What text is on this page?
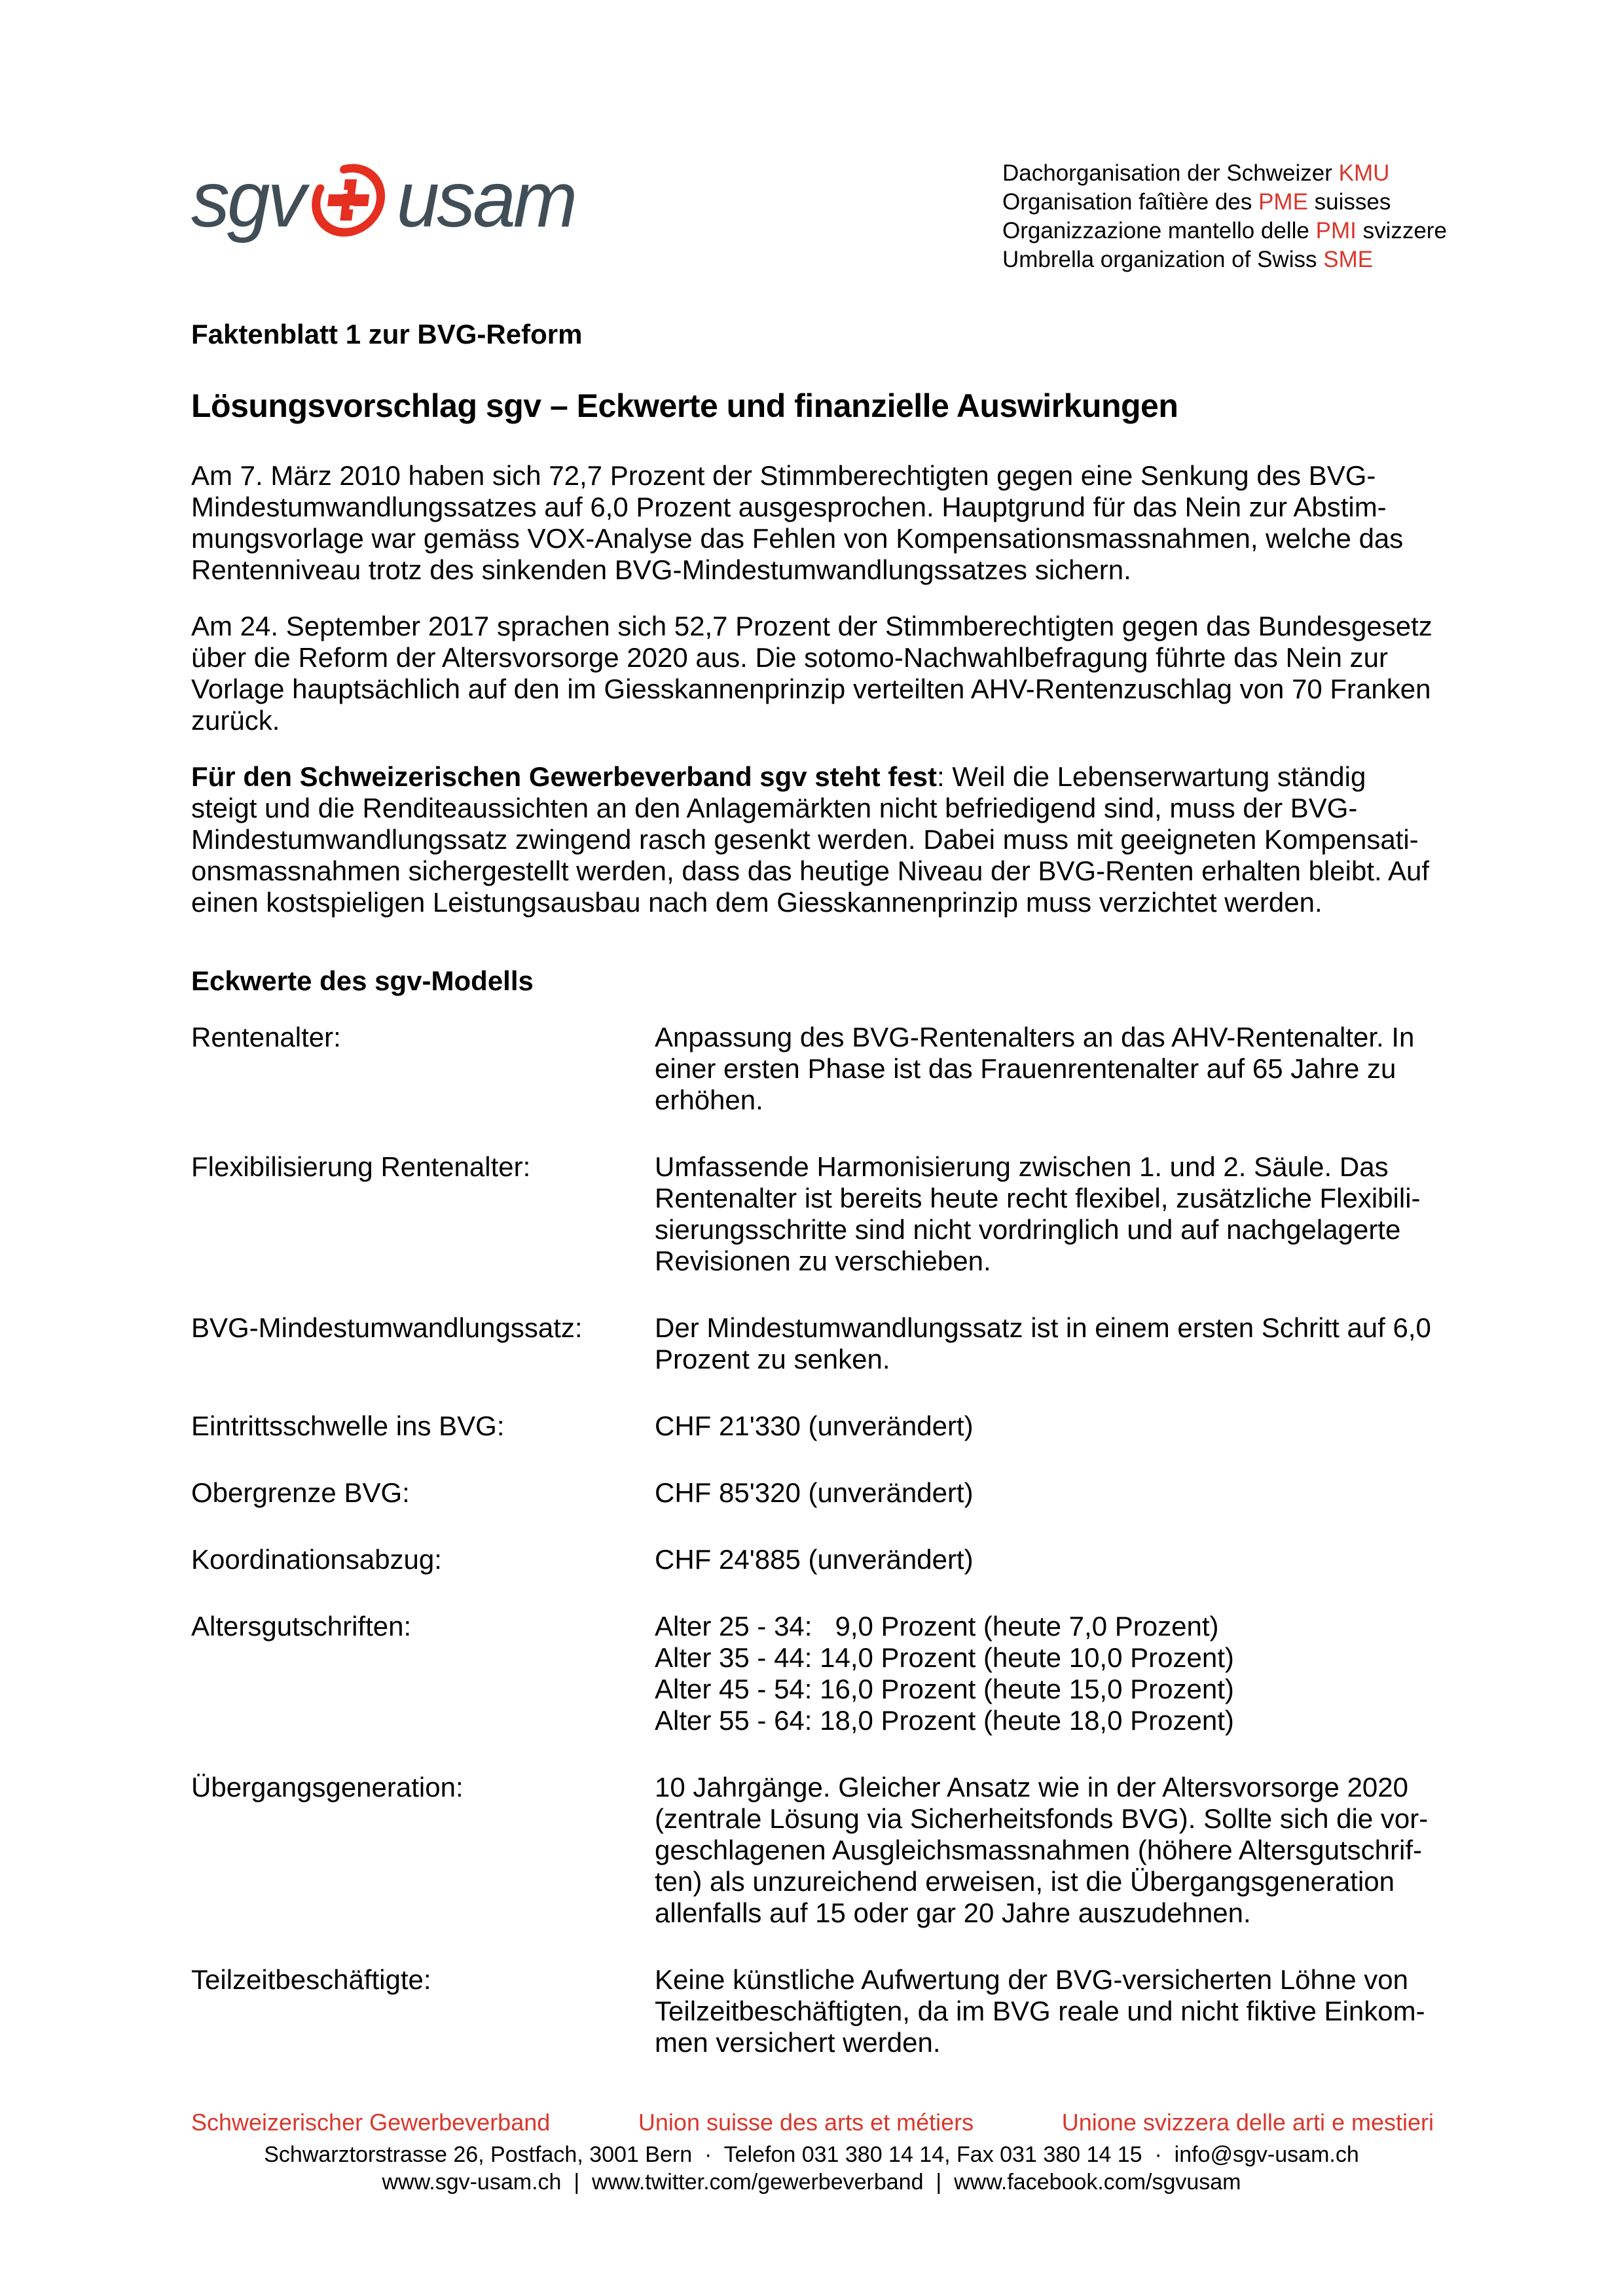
sgv usam	Dachorganisation der Schweizer KMU
Organisation faîtière des PME suisses
Organizzazione mantello delle PMI svizzere
Umbrella organization of Swiss SME
Faktenblatt 1 zur BVG-Reform
Lösungsvorschlag sgv – Eckwerte und finanzielle Auswirkungen
Am 7. März 2010 haben sich 72,7 Prozent der Stimmberechtigten gegen eine Senkung des BVG-
Mindestumwandlungssatzes auf 6,0 Prozent ausgesprochen. Hauptgrund für das Nein zur Abstim-
mungsvorlage war gemäss VOX-Analyse das Fehlen von Kompensationsmassnahmen, welche das
Rentenniveau trotz des sinkenden BVG-Mindestumwandlungssatzes sichern.
Am 24. September 2017 sprachen sich 52,7 Prozent der Stimmberechtigten gegen das Bundesgesetz
über die Reform der Altersvorsorge 2020 aus. Die sotomo-Nachwahlbefragung führte das Nein zur
Vorlage hauptsächlich auf den im Giesskannenprinzip verteilten AHV-Rentenzuschlag von 70 Franken
zurück.
Für den Schweizerischen Gewerbeverband sgv steht fest: Weil die Lebenserwartung ständig
steigt und die Renditeaussichten an den Anlagemärkten nicht befriedigend sind, muss der BVG-
Mindestumwandlungssatz zwingend rasch gesenkt werden. Dabei muss mit geeigneten Kompensati-
onsmassnahmen sichergestellt werden, dass das heutige Niveau der BVG-Renten erhalten bleibt. Auf
einen kostspieligen Leistungsausbau nach dem Giesskannenprinzip muss verzichtet werden.
Eckwerte des sgv-Modells
Rentenalter:	Anpassung des BVG-Rentenalters an das AHV-Rentenalter. In
einer ersten Phase ist das Frauenrentenalter auf 65 Jahre zu
erhöhen.
Flexibilisierung Rentenalter:	Umfassende Harmonisierung zwischen 1. und 2. Säule. Das
Rentenalter ist bereits heute recht flexibel, zusätzliche Flexibili-
sierungsschritte sind nicht vordringlich und auf nachgelagerte
Revisionen zu verschieben.
BVG-Mindestumwandlungssatz:	Der Mindestumwandlungssatz ist in einem ersten Schritt auf 6,0
Prozent zu senken.
Eintrittsschwelle ins BVG:	CHF 21'330 (unverändert)
Obergrenze BVG:	CHF 85'320 (unverändert)
Koordinationsabzug:	CHF 24'885 (unverändert)
Altersgutschriften:	Alter 25 - 34:   9,0 Prozent (heute 7,0 Prozent)
Alter 35 - 44: 14,0 Prozent (heute 10,0 Prozent)
Alter 45 - 54: 16,0 Prozent (heute 15,0 Prozent)
Alter 55 - 64: 18,0 Prozent (heute 18,0 Prozent)
Übergangsgeneration:	10 Jahrgänge. Gleicher Ansatz wie in der Altersvorsorge 2020
(zentrale Lösung via Sicherheitsfonds BVG). Sollte sich die vor-
geschlagenen Ausgleichsmassnahmen (höhere Altersgutschrif-
ten) als unzureichend erweisen, ist die Übergangsgeneration
allenfalls auf 15 oder gar 20 Jahre auszudehnen.
Teilzeitbeschäftigte:	Keine künstliche Aufwertung der BVG-versicherten Löhne von
Teilzeitbeschäftigten, da im BVG reale und nicht fiktive Einkom-
men versichert werden.
Schweizerischer Gewerbeverband	Union suisse des arts et métiers	Unione svizzera delle arti e mestieri
Schwarztorstrasse 26, Postfach, 3001 Bern  ·  Telefon 031 380 14 14, Fax 031 380 14 15  ·  info@sgv-usam.ch
www.sgv-usam.ch  |  www.twitter.com/gewerbeverband  |  www.facebook.com/sgvusam
